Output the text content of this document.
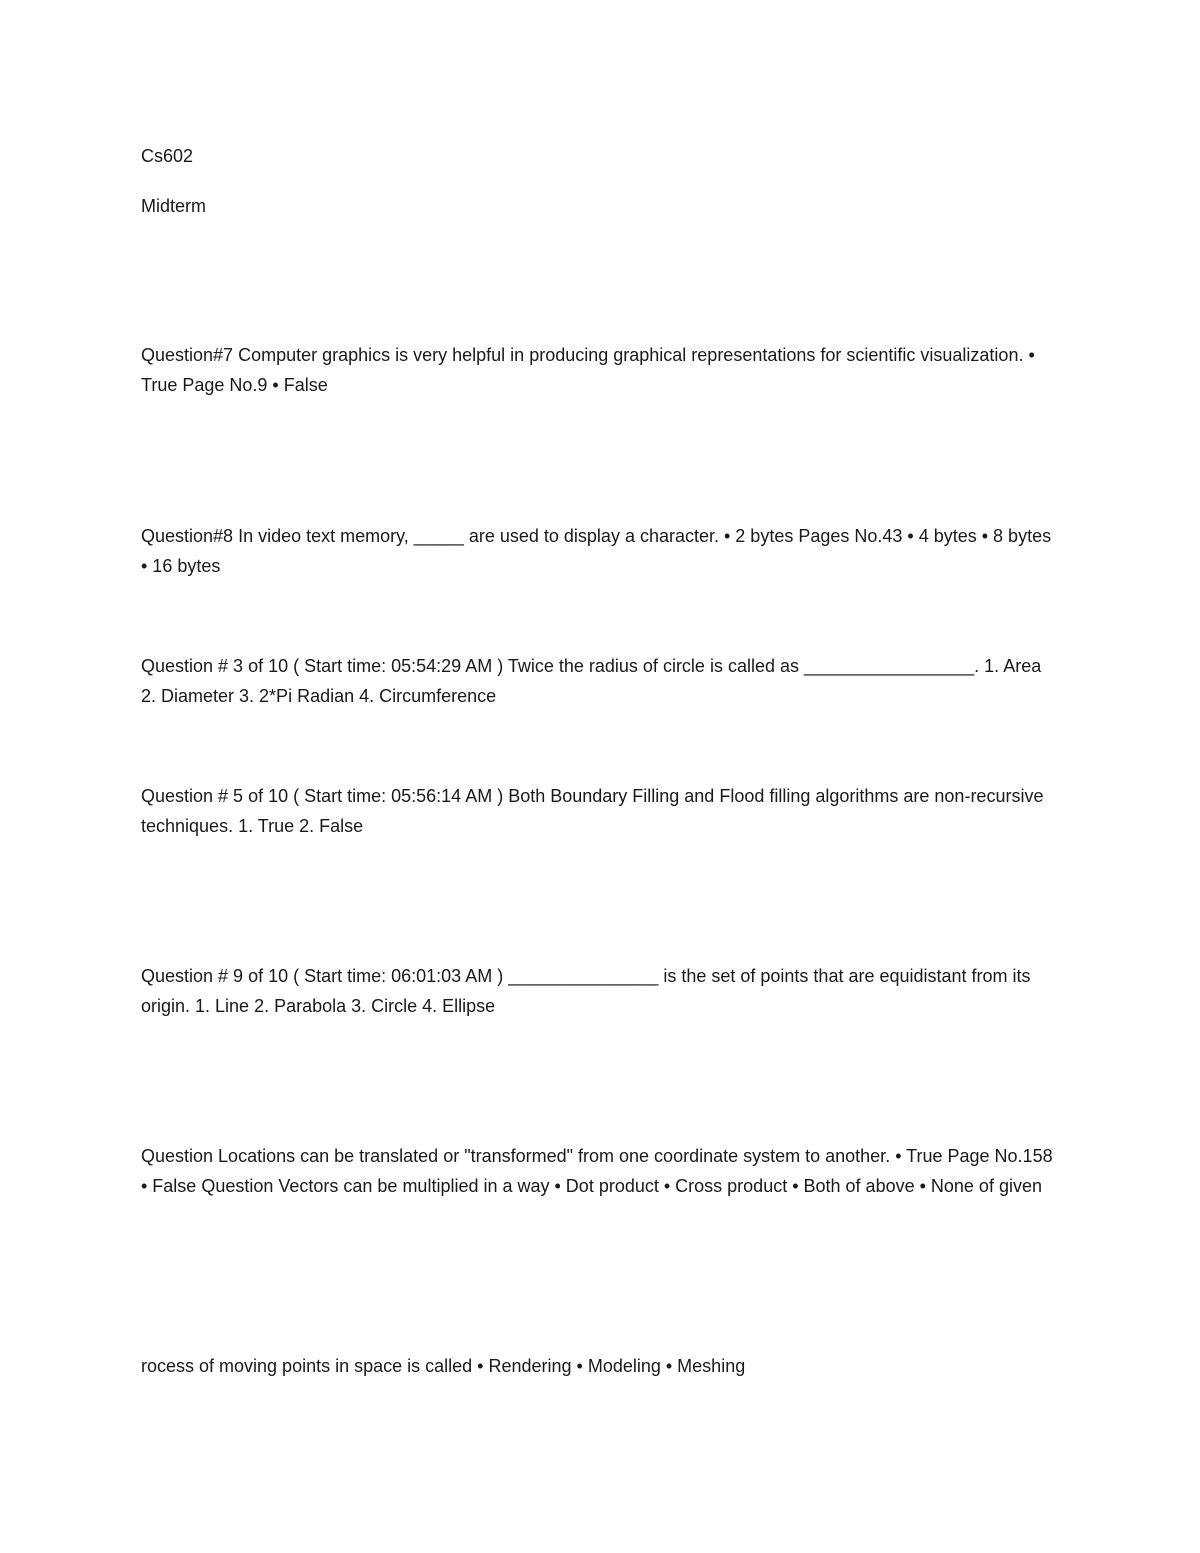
Cs602
Midterm
Question#7 Computer graphics is very helpful in producing graphical representations for scientific visualization. • True Page No.9 • False
Question#8 In video text memory, _____ are used to display a character. • 2 bytes Pages No.43 • 4 bytes • 8 bytes • 16 bytes
Question # 3 of 10 ( Start time: 05:54:29 AM ) Twice the radius of circle is called as _________________. 1. Area 2. Diameter 3. 2*Pi Radian 4. Circumference
Question # 5 of 10 ( Start time: 05:56:14 AM ) Both Boundary Filling and Flood filling algorithms are non-recursive techniques. 1. True 2. False
Question # 9 of 10 ( Start time: 06:01:03 AM ) _______________ is the set of points that are equidistant from its origin. 1. Line 2. Parabola 3. Circle 4. Ellipse
Question Locations can be translated or "transformed" from one coordinate system to another. • True Page No.158 • False Question Vectors can be multiplied in a way • Dot product • Cross product • Both of above • None of given
rocess of moving points in space is called • Rendering • Modeling • Meshing
